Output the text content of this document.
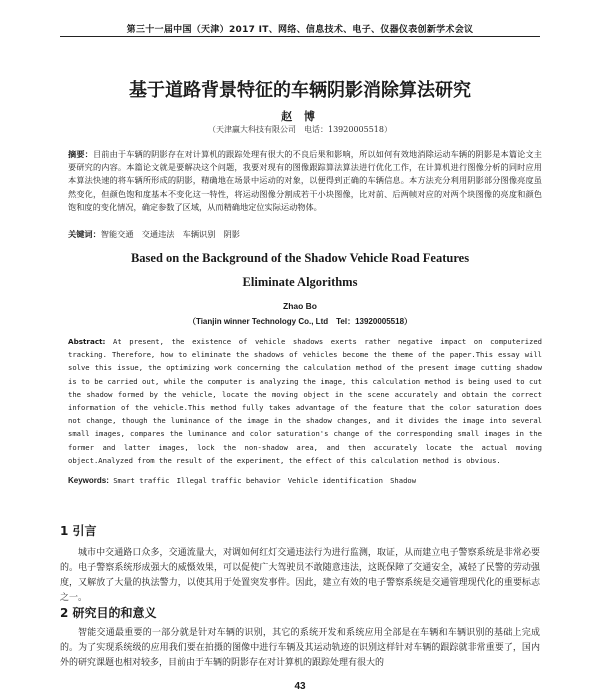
第三十一届中国（天津）2017 IT、网络、信息技术、电子、仪器仪表创新学术会议
基于道路背景特征的车辆阴影消除算法研究
赵 博
（天津赢大科技有限公司　电话：13920005518）
摘要：目前由于车辆的阴影存在对计算机的跟踪处理有很大的不良后果和影响，所以如何有效地消除运动车辆的阴影是本篇论文主要研究的内容。本篇论文就是要解决这个问题，我要对现有的图像跟踪算法算法进行优化工作，在计算机进行图像分析的同时应用本算法快速的将车辆所形成的阴影，精确地在场景中运动的对象，以便得到正确的车辆信息。本方法充分利用阴影部分图像亮度虽然变化，但颜色饱和度基本不变化这一特性，将运动图像分割成若干小块图像，比对前、后两帧对应的对两个块图像的亮度和颜色饱和度的变化情况，确定参数了区域，从而精确地定位实际运动物体。
关键词：智能交通　交通违法　车辆识别　阴影
Based on the Background of the Shadow Vehicle Road Features
Eliminate Algorithms
Zhao Bo
（Tianjin winner Technology Co., Ltd　Tel：13920005518）
Abstract: At present, the existence of vehicle shadows exerts rather negative impact on computerized tracking. Therefore, how to eliminate the shadows of vehicles become the theme of the paper.This essay will solve this issue, the optimizing work concerning the calculation method of the present image cutting shadow is to be carried out, while the computer is analyzing the image, this calculation method is being used to cut the shadow formed by the vehicle, locate the moving object in the scene accurately and obtain the correct information of the vehicle.This method fully takes advantage of the feature that the color saturation does not change, though the luminance of the image in the shadow changes, and it divides the image into several small images, compares the luminance and color saturation's change of the corresponding small images in the former and latter images, lock the non-shadow area, and then accurately locate the actual moving object.Analyzed from the result of the experiment, the effect of this calculation method is obvious.
Keywords: Smart traffic　Illegal traffic behavior　Vehicle identification　Shadow
1 引言
城市中交通路口众多，交通流量大，对调如何红灯交通违法行为进行监测，取证，从而建立电子警察系统是非常必要的。电子警察系统形成强大的威慑效果，可以促使广大驾驶员不敢随意违法，这既保障了交通安全，减轻了民警的劳动强度，又解放了大量的执法警力，以使其用于处置突发事件。因此，建立有效的电子警察系统是交通管理现代化的重要标志之一。
2 研究目的和意义
智能交通最重要的一部分就是针对车辆的识别，其它的系统开发和系统应用全部是在车辆和车辆识别的基础上完成的。为了实现系统级的应用我们要在拍摄的图像中进行车辆及其运动轨迹的识别这样针对车辆的跟踪就非常重要了，国内外的研究课题也相对较多，目前由于车辆的阴影存在对计算机的跟踪处理有很大的
43
